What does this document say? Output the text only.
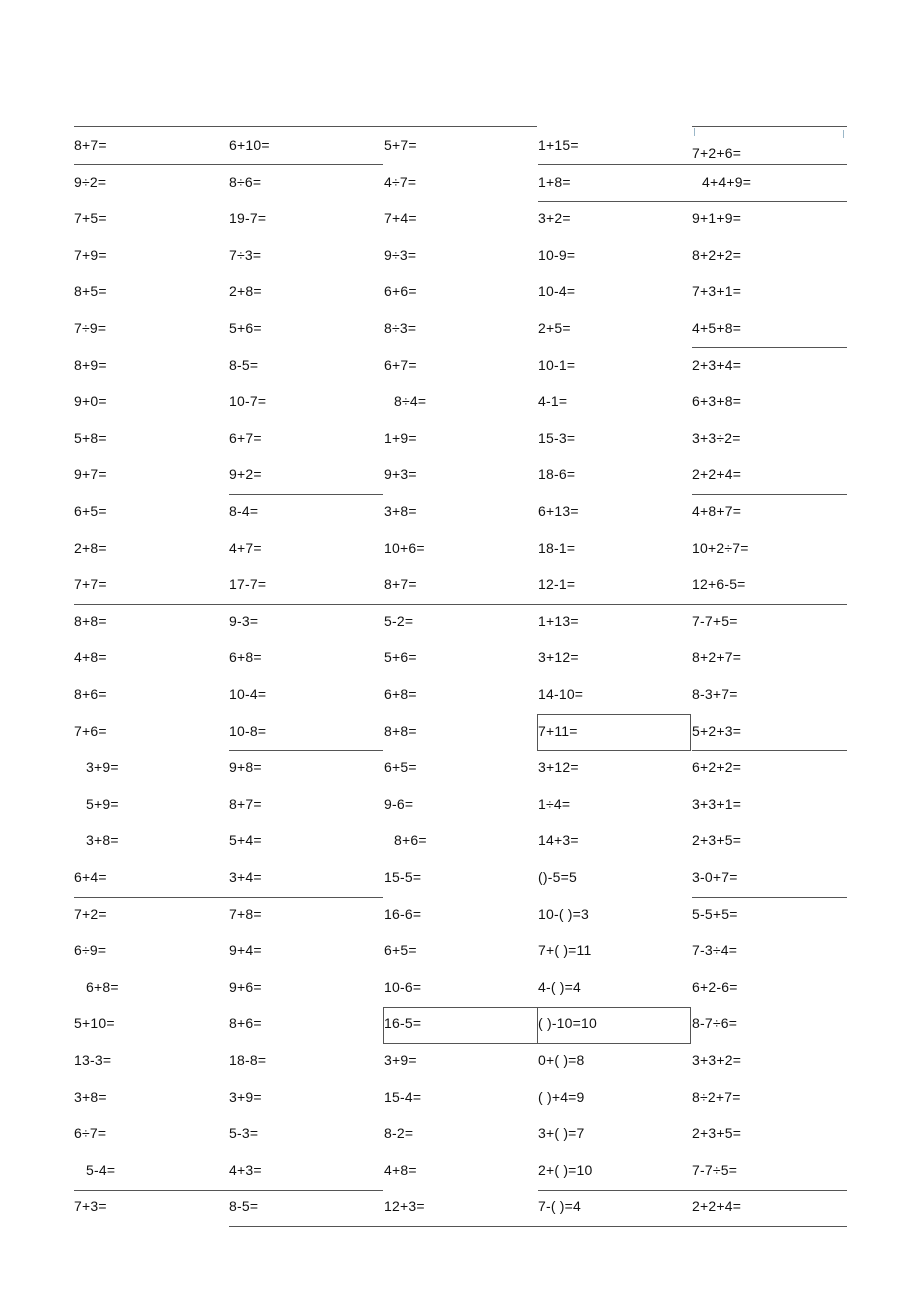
8+7=
9÷2=
7+5=
7+9=
8+5=
7÷9=
8+9=
9+0=
5+8=
9+7=
6+5=
2+8=
7+7=
8+8=
4+8=
8+6=
7+6=
3+9=
5+9=
3+8=
6+4=
7+2=
6÷9=
6+8=
5+10=
13-3=
3+8=
6÷7=
5-4=
7+3=
6+10=
8÷6=
19-7=
7÷3=
2+8=
5+6=
8-5=
10-7=
6+7=
9+2=
8-4=
4+7=
17-7=
9-3=
6+8=
10-4=
10-8=
9+8=
8+7=
5+4=
3+4=
7+8=
9+4=
9+6=
8+6=
18-8=
3+9=
5-3=
4+3=
8-5=
5+7=
4÷7=
7+4=
9÷3=
6+6=
8÷3=
6+7=
8÷4=
1+9=
9+3=
3+8=
10+6=
8+7=
5-2=
5+6=
6+8=
8+8=
6+5=
9-6=
8+6=
15-5=
16-6=
6+5=
10-6=
16-5=
3+9=
15-4=
8-2=
4+8=
12+3=
1+15=
1+8=
3+2=
10-9=
10-4=
2+5=
10-1=
4-1=
15-3=
18-6=
6+13=
18-1=
12-1=
1+13=
3+12=
14-10=
7+11=
3+12=
1÷4=
14+3=
()-5=5
10-( )=3
7+( )=11
4-( )=4
( )-10=10
0+( )=8
( )+4=9
3+( )=7
2+( )=10
7-( )=4
7+2+6=
4+4+9=
9+1+9=
8+2+2=
7+3+1=
4+5+8=
2+3+4=
6+3+8=
3+3÷2=
2+2+4=
4+8+7=
10+2÷7=
12+6-5=
7-7+5=
8+2+7=
8-3+7=
5+2+3=
6+2+2=
3+3+1=
2+3+5=
3-0+7=
5-5+5=
7-3÷4=
6+2-6=
8-7÷6=
3+3+2=
8÷2+7=
2+3+5=
7-7÷5=
2+2+4=
